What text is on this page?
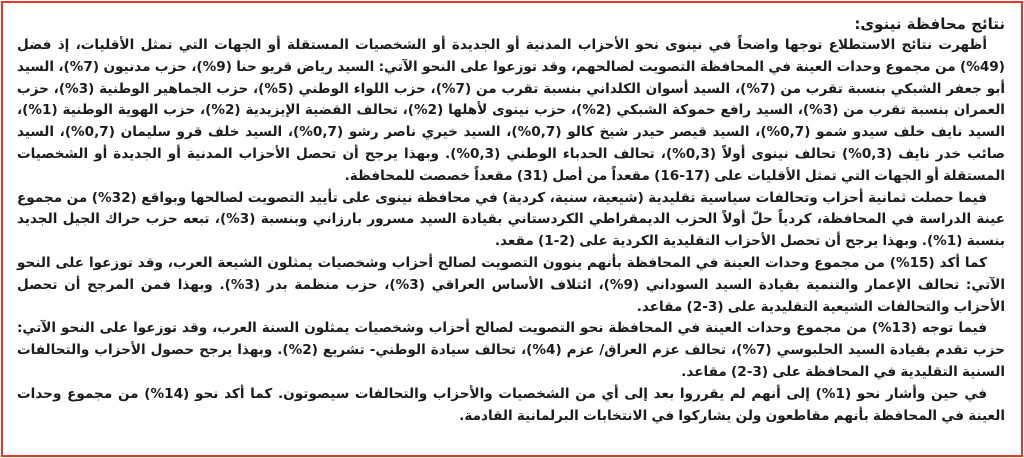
نتائج محافظة نينوى:

أظهرت نتائج الاستطلاع توجها واضحاً في نينوى نحو الأحزاب المدنية أو الجديدة أو الشخصيات المستقلة أو الجهات التي تمثل الأقليات، إذ فضل (49%) من مجموع وحدات العينة في المحافظة التصويت لصالحهم، وقد توزعوا على النحو الآتي: السيد رياض قريو حنا (9%)، حزب مدنيون (7%)، السيد أبو جعفر الشبكي بنسبة تقرب من (7%)، السيد أسوان الكلداني بنسبة تقرب من (7%)، حزب اللواء الوطني (5%)، حزب الجماهير الوطنية (3%)، حزب العمران بنسبة تقرب من (3%)، السيد رافع حموكة الشبكي (2%)، حزب نينوى لأهلها (2%)، تحالف القضية الإيزيدية (2%)، حزب الهوية الوطنية (1%)، السيد نايف خلف سيدو شمو (0,7%)، السيد قيصر حيدر شيخ كالو (0,7%)، السيد خيري ناصر رشو (0,7%)، السيد خلف قرو سليمان (0,7%)، السيد صائب خدر نايف (0,3%) تحالف نينوى أولاً (0,3%)، تحالف الحدباء الوطني (0,3%). وبهذا يرجح أن تحصل الأحزاب المدنية أو الجديدة أو الشخصيات المستقلة أو الجهات التي تمثل الأقليات على (17-16) مقعداً من أصل (31) مقعداً خصصت للمحافظة.

فيما حصلت ثمانية أحزاب وتحالفات سياسية تقليدية (شيعية، سنية، كردية) في محافظة نينوى على تأييد التصويت لصالحها وبواقع (32%) من مجموع عينة الدراسة في المحافظة، كردياً حلّ أولاً الحزب الديمقراطي الكردستاني بقيادة السيد مسرور بارزاني وبنسبة (3%)، تبعه حزب حراك الجيل الجديد بنسبة (1%). وبهذا يرجح أن تحصل الأحزاب التقليدية الكردية على (2-1) مقعد.

كما أكد (15%) من مجموع وحدات العينة في المحافظة بأنهم ينوون التصويت لصالح أحزاب وشخصيات يمثلون الشيعة العرب، وقد توزعوا على النحو الآتي: تحالف الإعمار والتنمية بقيادة السيد السوداني (9%)، ائتلاف الأساس العراقي (3%)، حزب منظمة بدر (3%). وبهذا فمن المرجح أن تحصل الأحزاب والتحالفات الشيعية التقليدية على (3-2) مقاعد.

فيما توجه (13%) من مجموع وحدات العينة في المحافظة نحو التصويت لصالح أحزاب وشخصيات يمثلون السنة العرب، وقد توزعوا على النحو الآتي: حزب تقدم بقيادة السيد الحلبوسي (7%)، تحالف عزم العراق/ عزم (4%)، تحالف سيادة الوطني- تشريع (2%). وبهذا يرجح حصول الأحزاب والتحالفات السنية التقليدية في المحافظة على (3-2) مقاعد.

في حين وأشار نحو (1%) إلى أنهم لم يقرروا بعد إلى أي من الشخصيات والأحزاب والتحالفات سيصوتون. كما أكد نحو (14%) من مجموع وحدات العينة في المحافظة بأنهم مقاطعون ولن يشاركوا في الانتخابات البرلمانية القادمة.
